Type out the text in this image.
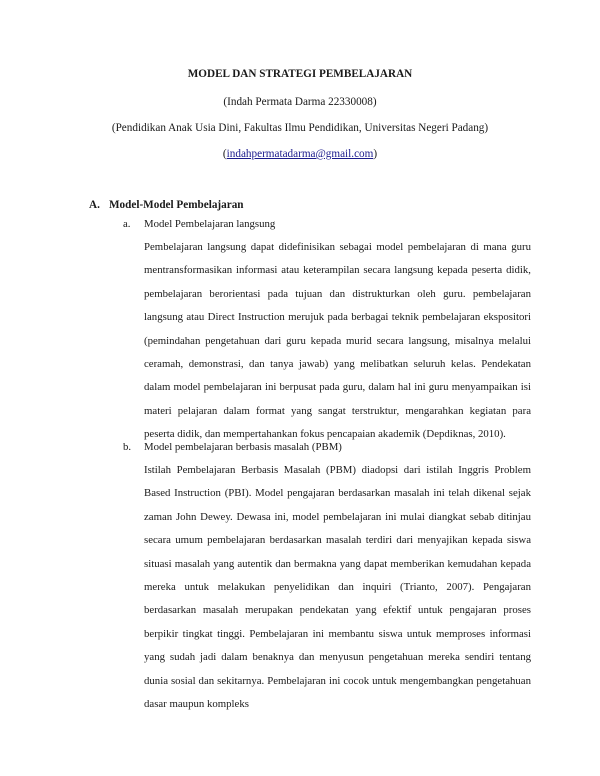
MODEL DAN STRATEGI PEMBELAJARAN
(Indah Permata Darma 22330008)
(Pendidikan Anak Usia Dini, Fakultas Ilmu Pendidikan, Universitas Negeri Padang)
(indahpermatadarma@gmail.com)
A. Model-Model Pembelajaran
a. Model Pembelajaran langsung
Pembelajaran langsung dapat didefinisikan sebagai model pembelajaran di mana guru mentransformasikan informasi atau keterampilan secara langsung kepada peserta didik, pembelajaran berorientasi pada tujuan dan distrukturkan oleh guru. pembelajaran langsung atau Direct Instruction merujuk pada berbagai teknik pembelajaran ekspositori (pemindahan pengetahuan dari guru kepada murid secara langsung, misalnya melalui ceramah, demonstrasi, dan tanya jawab) yang melibatkan seluruh kelas. Pendekatan dalam model pembelajaran ini berpusat pada guru, dalam hal ini guru menyampaikan isi materi pelajaran dalam format yang sangat terstruktur, mengarahkan kegiatan para peserta didik, dan mempertahankan fokus pencapaian akademik (Depdiknas, 2010).
b. Model pembelajaran berbasis masalah (PBM)
Istilah Pembelajaran Berbasis Masalah (PBM) diadopsi dari istilah Inggris Problem Based Instruction (PBI). Model pengajaran berdasarkan masalah ini telah dikenal sejak zaman John Dewey. Dewasa ini, model pembelajaran ini mulai diangkat sebab ditinjau secara umum pembelajaran berdasarkan masalah terdiri dari menyajikan kepada siswa situasi masalah yang autentik dan bermakna yang dapat memberikan kemudahan kepada mereka untuk melakukan penyelidikan dan inquiri (Trianto, 2007). Pengajaran berdasarkan masalah merupakan pendekatan yang efektif untuk pengajaran proses berpikir tingkat tinggi. Pembelajaran ini membantu siswa untuk memproses informasi yang sudah jadi dalam benaknya dan menyusun pengetahuan mereka sendiri tentang dunia sosial dan sekitarnya. Pembelajaran ini cocok untuk mengembangkan pengetahuan dasar maupun kompleks
